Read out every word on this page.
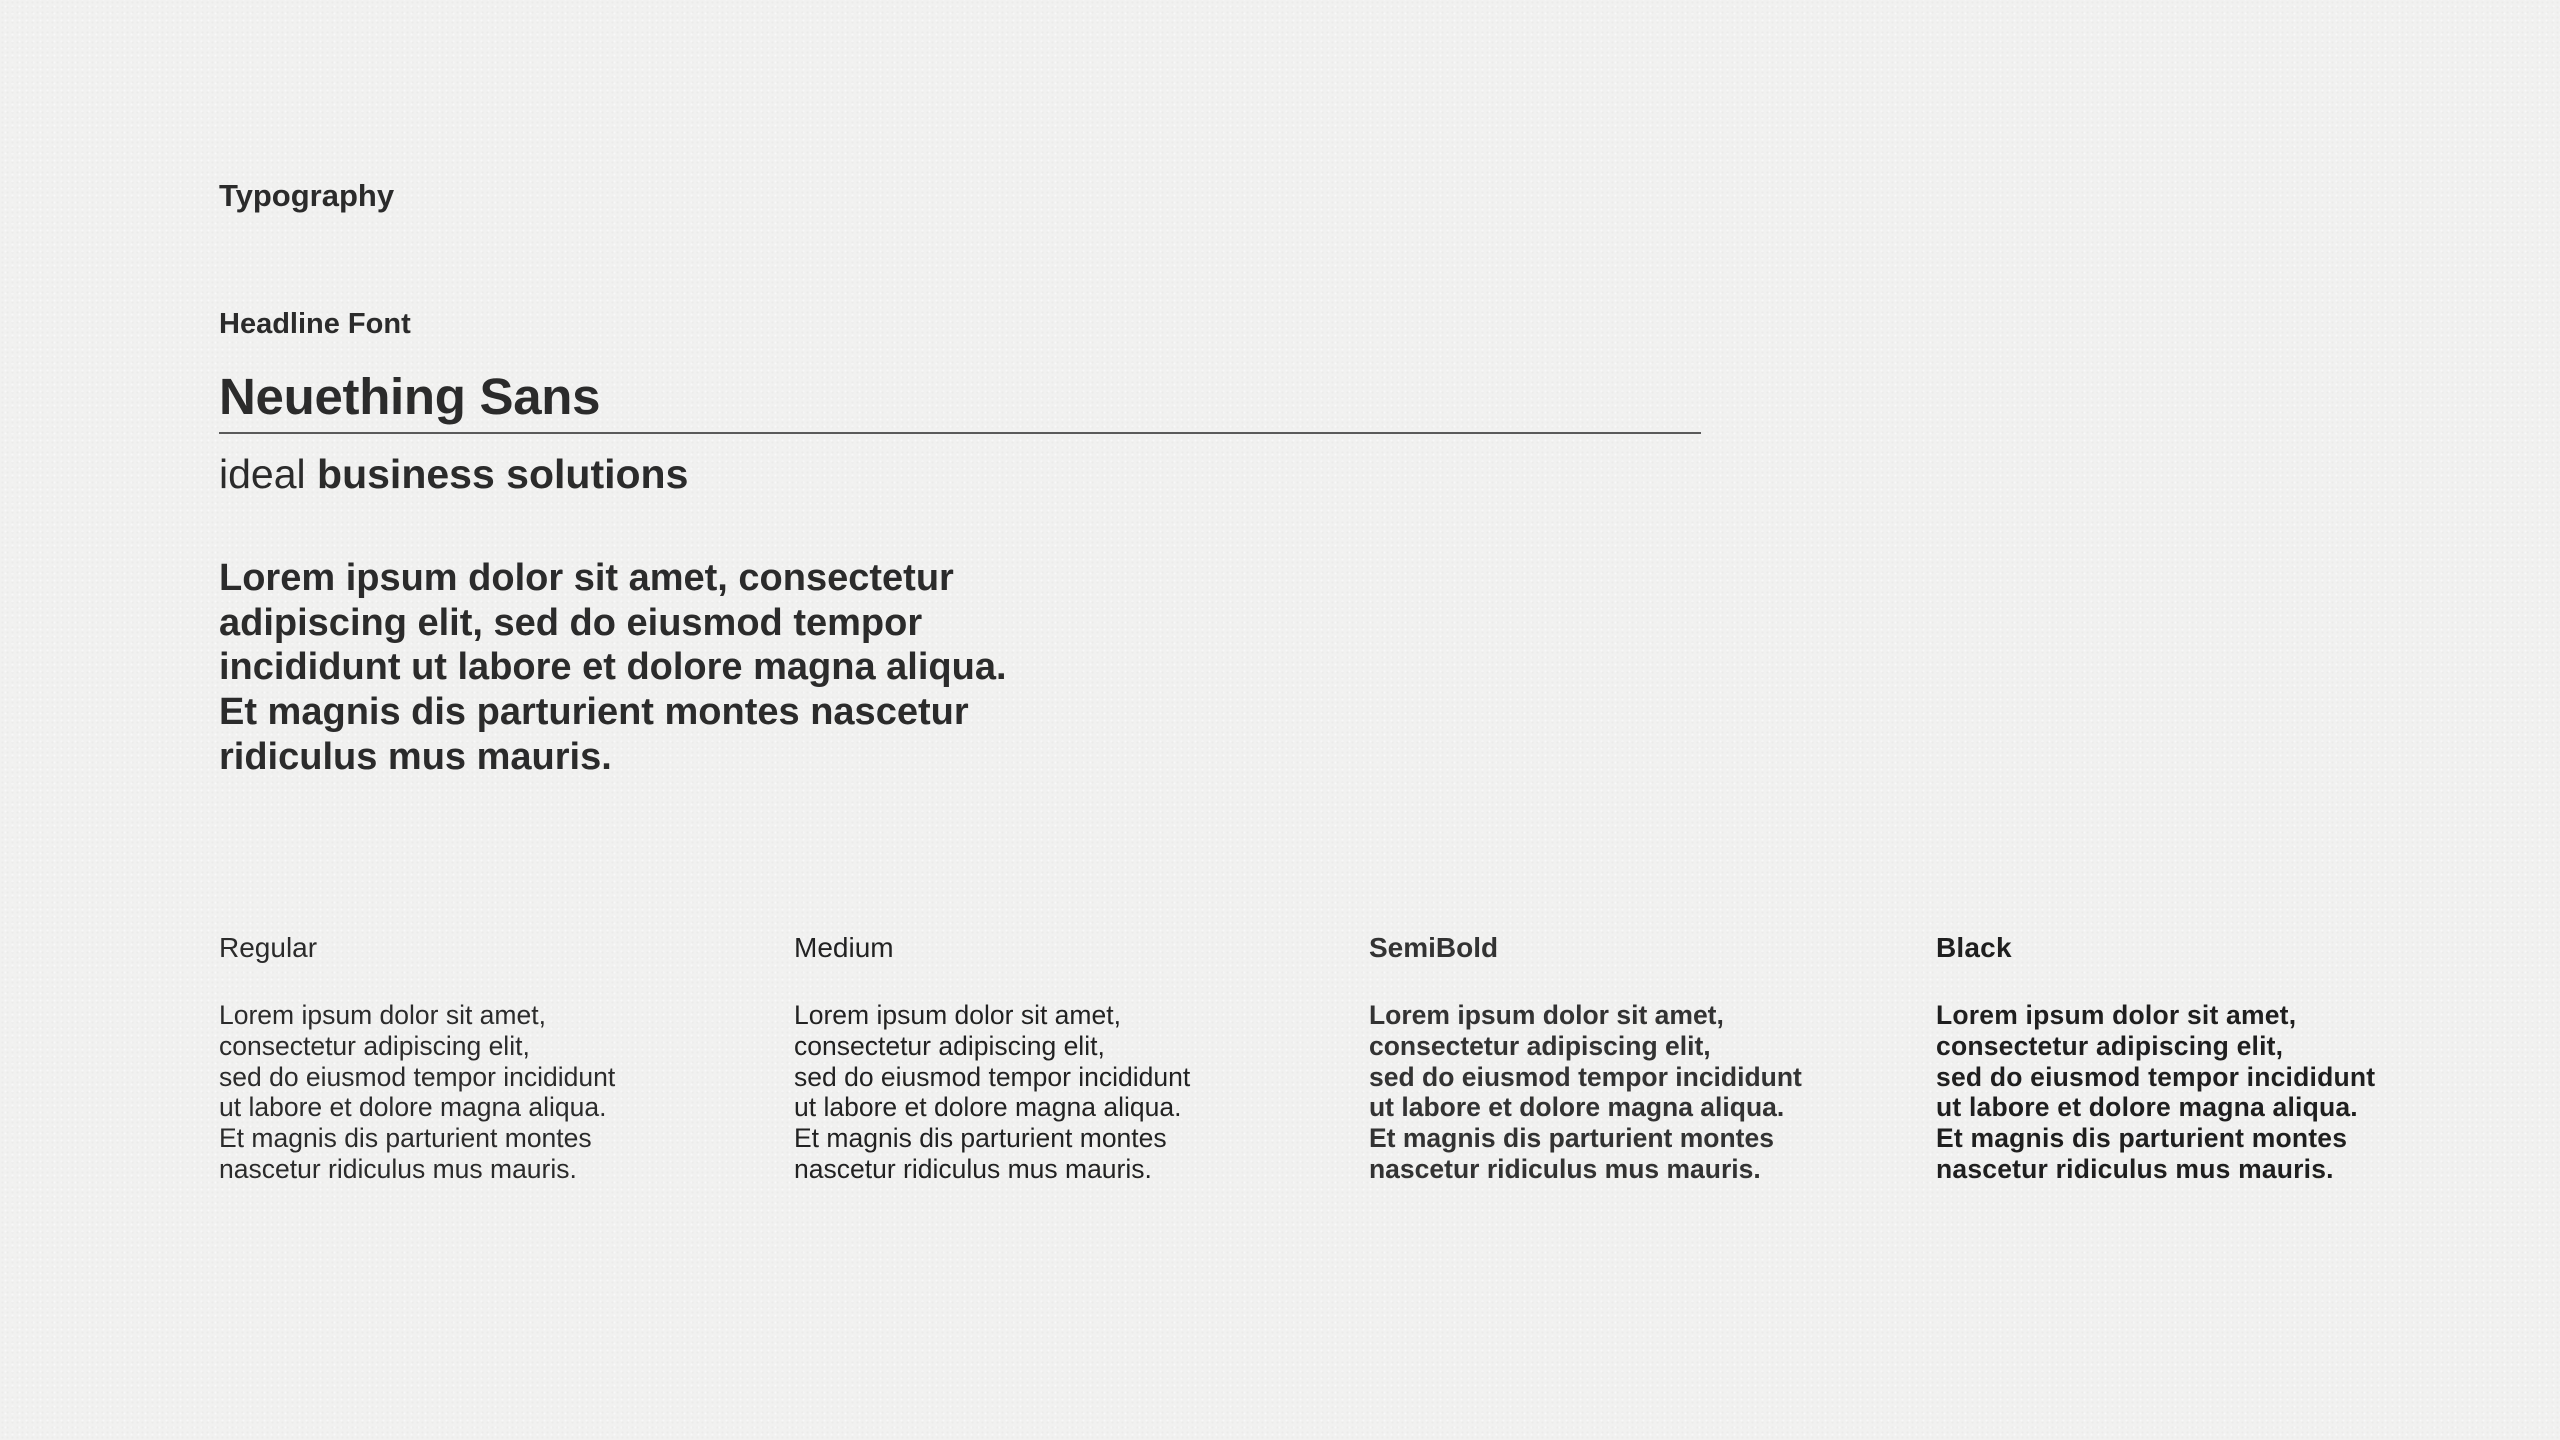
Typography
Headline Font
Neuething Sans
ideal business solutions
Lorem ipsum dolor sit amet, consectetur
adipiscing elit, sed do eiusmod tempor
incididunt ut labore et dolore magna aliqua.
Et magnis dis parturient montes nascetur
ridiculus mus mauris.
Regular
Lorem ipsum dolor sit amet,
consectetur adipiscing elit,
sed do eiusmod tempor incididunt
ut labore et dolore magna aliqua.
Et magnis dis parturient montes
nascetur ridiculus mus mauris.
Medium
Lorem ipsum dolor sit amet,
consectetur adipiscing elit,
sed do eiusmod tempor incididunt
ut labore et dolore magna aliqua.
Et magnis dis parturient montes
nascetur ridiculus mus mauris.
SemiBold
Lorem ipsum dolor sit amet,
consectetur adipiscing elit,
sed do eiusmod tempor incididunt
ut labore et dolore magna aliqua.
Et magnis dis parturient montes
nascetur ridiculus mus mauris.
Black
Lorem ipsum dolor sit amet,
consectetur adipiscing elit,
sed do eiusmod tempor incididunt
ut labore et dolore magna aliqua.
Et magnis dis parturient montes
nascetur ridiculus mus mauris.
